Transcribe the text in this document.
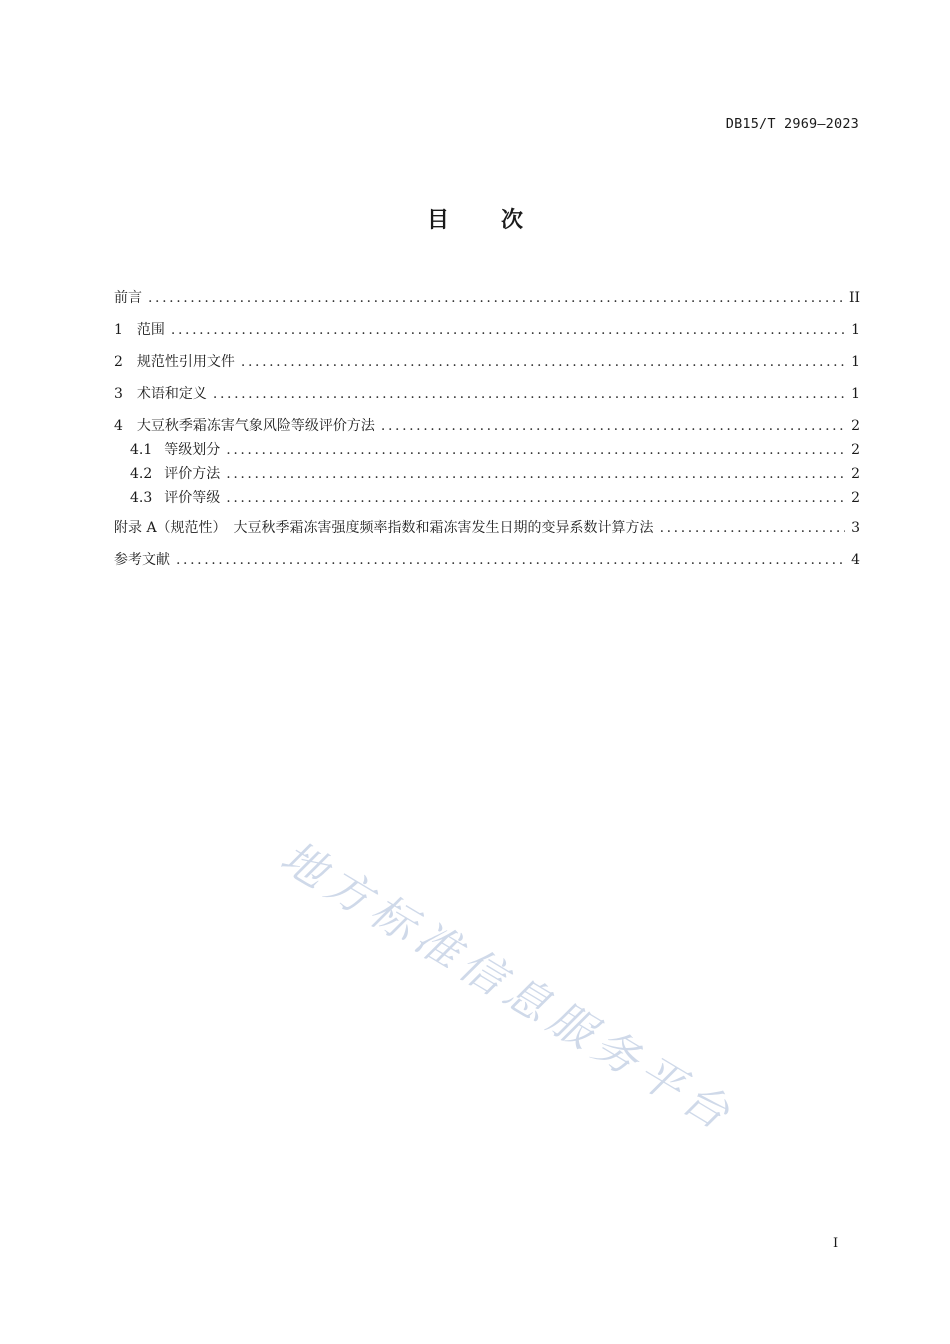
DB15/T 2969—2023
目 次
前言 .....	II
1 范围 .....	1
2 规范性引用文件 .....	1
3 术语和定义 .....	1
4 大豆秋季霜冻害气象风险等级评价方法 .....	2
4.1 等级划分 .....	2
4.2 评价方法 .....	2
4.3 评价等级 .....	2
附录 A（规范性）　大豆秋季霜冻害强度频率指数和霜冻害发生日期的变异系数计算方法 .....	3
参考文献 .....	4
地方标准信息服务平台
I
